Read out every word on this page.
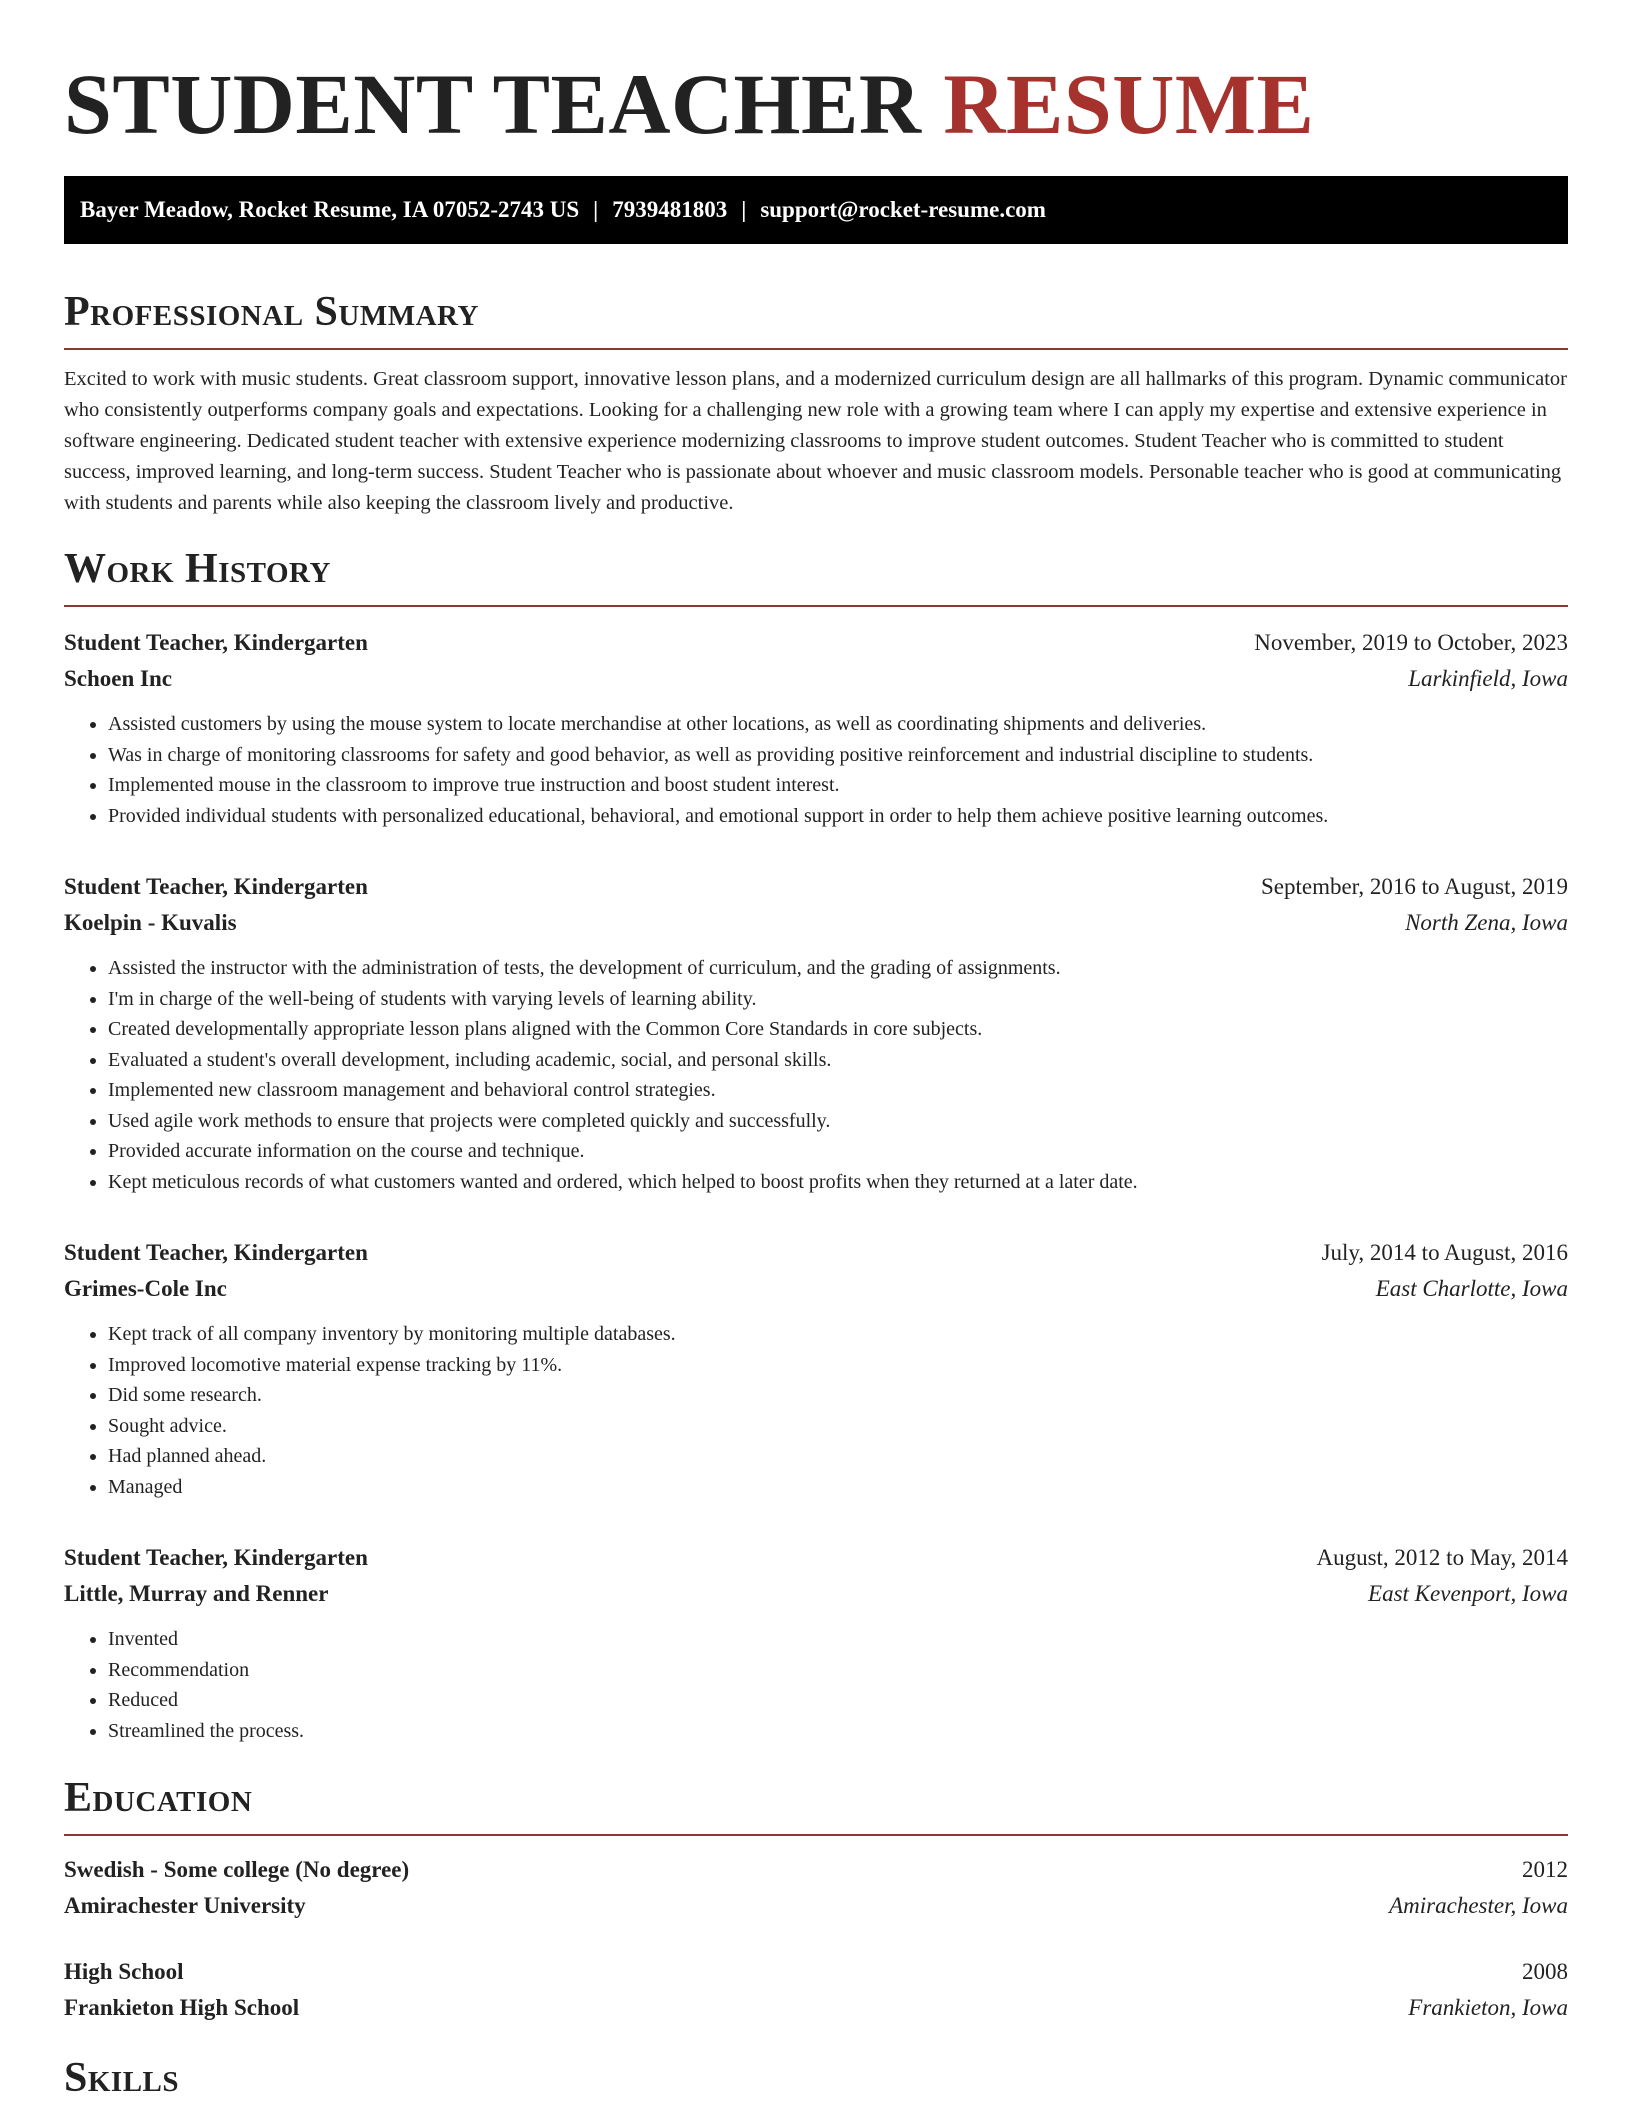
STUDENT TEACHER RESUME
Bayer Meadow, Rocket Resume, IA 07052-2743 US | 7939481803 | support@rocket-resume.com
Professional Summary

Excited to work with music students. Great classroom support, innovative lesson plans, and a modernized curriculum design are all hallmarks of this program. Dynamic communicator who consistently outperforms company goals and expectations. Looking for a challenging new role with a growing team where I can apply my expertise and extensive experience in software engineering. Dedicated student teacher with extensive experience modernizing classrooms to improve student outcomes. Student Teacher who is committed to student success, improved learning, and long-term success. Student Teacher who is passionate about whoever and music classroom models. Personable teacher who is good at communicating with students and parents while also keeping the classroom lively and productive.

Work History
Student Teacher, Kindergarten	November, 2019 to October, 2023
Schoen Inc	Larkinfield, Iowa
• Assisted customers by using the mouse system to locate merchandise at other locations, as well as coordinating shipments and deliveries.
• Was in charge of monitoring classrooms for safety and good behavior, as well as providing positive reinforcement and industrial discipline to students.
• Implemented mouse in the classroom to improve true instruction and boost student interest.
• Provided individual students with personalized educational, behavioral, and emotional support in order to help them achieve positive learning outcomes.
Student Teacher, Kindergarten	September, 2016 to August, 2019
Koelpin - Kuvalis	North Zena, Iowa
• Assisted the instructor with the administration of tests, the development of curriculum, and the grading of assignments.
• I'm in charge of the well-being of students with varying levels of learning ability.
• Created developmentally appropriate lesson plans aligned with the Common Core Standards in core subjects.
• Evaluated a student's overall development, including academic, social, and personal skills.
• Implemented new classroom management and behavioral control strategies.
• Used agile work methods to ensure that projects were completed quickly and successfully.
• Provided accurate information on the course and technique.
• Kept meticulous records of what customers wanted and ordered, which helped to boost profits when they returned at a later date.
Student Teacher, Kindergarten	July, 2014 to August, 2016
Grimes-Cole Inc	East Charlotte, Iowa
• Kept track of all company inventory by monitoring multiple databases.
• Improved locomotive material expense tracking by 11%.
• Did some research.
• Sought advice.
• Had planned ahead.
• Managed
Student Teacher, Kindergarten	August, 2012 to May, 2014
Little, Murray and Renner	East Kevenport, Iowa
• Invented
• Recommendation
• Reduced
• Streamlined the process.
Education
Swedish - Some college (No degree)	2012
Amirachester University	Amirachester, Iowa
High School	2008
Frankieton High School	Frankieton, Iowa
Skills
